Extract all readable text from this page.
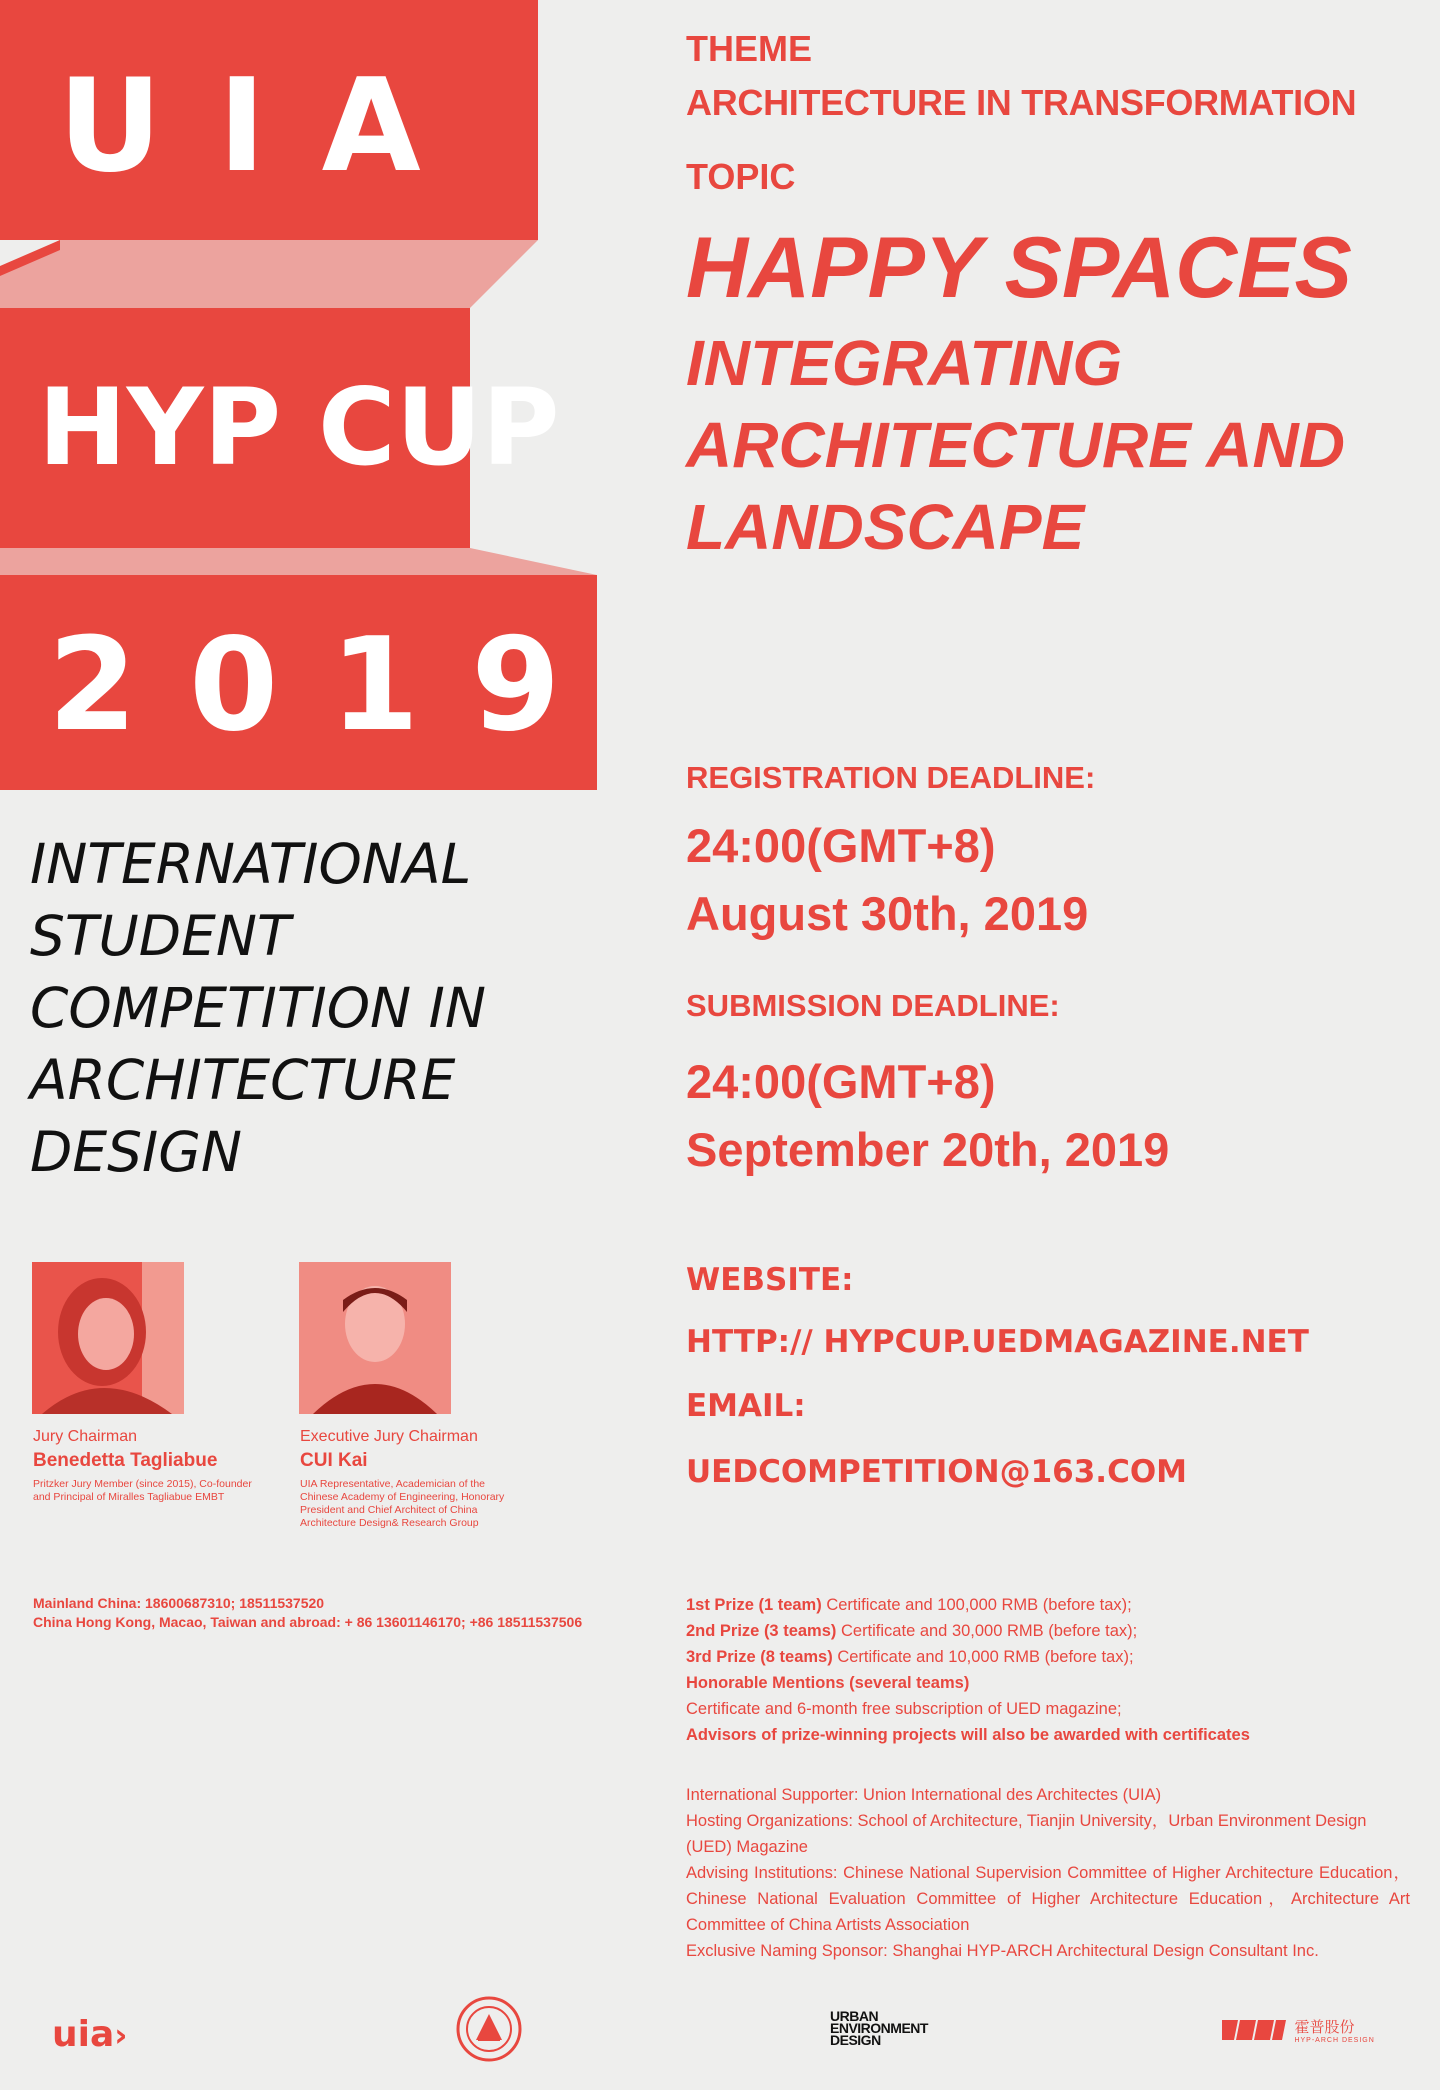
UIA
HYP CUP
2019
INTERNATIONAL
STUDENT
COMPETITION IN
ARCHITECTURE
DESIGN
Jury Chairman
Benedetta Tagliabue
Pritzker Jury Member (since 2015), Co-founder and Principal of Miralles Tagliabue EMBT
Executive Jury Chairman
CUI Kai
UIA Representative, Academician of the Chinese Academy of Engineering, Honorary President and Chief Architect of China Architecture Design& Research Group
Mainland China: 18600687310; 18511537520
China Hong Kong, Macao, Taiwan and abroad: + 86 13601146170; +86 18511537506
THEME
ARCHITECTURE IN TRANSFORMATION
TOPIC
HAPPY SPACES
INTEGRATING
ARCHITECTURE AND
LANDSCAPE
REGISTRATION DEADLINE:
24:00(GMT+8)
August 30th, 2019
SUBMISSION DEADLINE:
24:00(GMT+8)
September 20th, 2019
WEBSITE:
HTTP:// HYPCUP.UEDMAGAZINE.NET
EMAIL:
UEDCOMPETITION@163.COM
1st Prize (1 team) Certificate and 100,000 RMB (before tax);
2nd Prize (3 teams) Certificate and 30,000 RMB (before tax);
3rd Prize (8 teams) Certificate and 10,000 RMB (before tax);
Honorable Mentions (several teams)
Certificate and 6-month free subscription of UED magazine;
Advisors of prize-winning projects will also be awarded with certificates
International Supporter: Union International des Architectes (UIA)
Hosting Organizations: School of Architecture, Tianjin University，Urban Environment Design (UED) Magazine
Advising Institutions: Chinese National Supervision Committee of Higher Architecture Education，Chinese National Evaluation Committee of Higher Architecture Education，Architecture Art Committee of China Artists Association
Exclusive Naming Sponsor: Shanghai HYP-ARCH Architectural Design Consultant Inc.
uia›	URBAN
ENVIRONMENT
DESIGN

霍普股份
HYP-ARCH DESIGN
